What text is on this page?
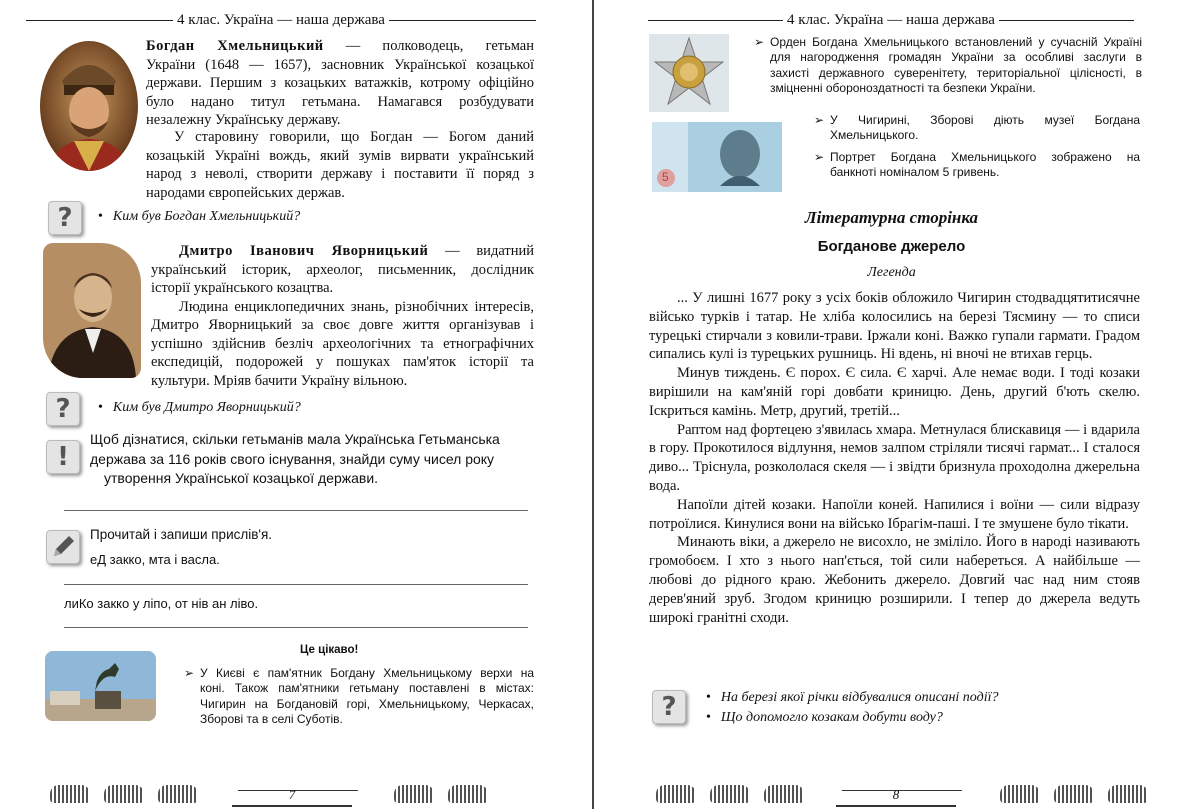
4 клас. Україна — наша держава
Богдан Хмельницький — полководець, гетьман
України (1648 — 1657), засновник Української козацької
держави. Першим з козацьких ватажків, котрому офіційно
було надано титул гетьмана. Намагався розбудувати
незалежну Українську державу.
У старовину говорили, що Богдан — Богом даний
козацькій Україні вождь, який зумів вирвати український
народ з неволі, створити державу і поставити її поряд з
народами європейських держав.
?	• Ким був Богдан Хмельницький?
Дмитро Іванович Яворницький — видатний
український історик, археолог, письменник, дослідник
історії українського козацтва.
Людина енциклопедичних знань, різнобічних інтересів,
Дмитро Яворницький за своє довге життя організував і
успішно здійснив безліч археологічних та етнографічних
експедицій, подорожей у пошуках пам'яток історії та
культури. Мріяв бачити Україну вільною.
?	• Ким був Дмитро Яворницький?
!
Щоб дізнатися, скільки гетьманів мала Українська Гетьманська
держава за 116 років свого існування, знайди суму чисел року
утворення Української козацької держави.
Прочитай і запиши прислів'я.
еД закко, мта і васла.
лиКо закко у ліпо, от нів ан ліво.
Це цікаво!
➢ У Києві є пам'ятник Богдану Хмельницькому верхи на
коні. Також пам'ятники гетьману поставлені в містах:
Чигирин на Богдановій горі, Хмельницькому, Черкасах,
Зборові та в селі Суботів.
7
4 клас. Україна — наша держава
➢ Орден Богдана Хмельницького встановлений у сучасній Україні
для нагородження громадян України за особливі заслуги в
захисті державного суверенітету, територіальної цілісності, в
зміцненні обороноздатності та безпеки України.
5
➢ У Чигирині, Зборові діють музеї Богдана
Хмельницького.
➢ Портрет Богдана Хмельницького зображено на
банкноті номіналом 5 гривень.
Літературна сторінка
Богданове джерело
Легенда

... У лишні 1677 року з усіх боків обложило Чигирин стодвадцятитисячне військо турків і татар. Не хліба колосились на березі Тясмину — то списи турецькі стирчали з ковили-трави. Іржали коні. Важко гупали гармати. Градом сипались кулі із турецьких рушниць. Ні вдень, ні вночі не втихав герць.

Минув тиждень. Є порох. Є сила. Є харчі. Але немає води. І тоді козаки вирішили на кам'яній горі довбати криницю. День, другий б'ють скелю. Іскриться камінь. Метр, другий, третій...

Раптом над фортецею з'явилась хмара. Метнулася блискавиця — і вдарила в гору. Прокотилося відлуння, немов залпом стріляли тисячі гармат... І сталося диво... Тріснула, розкололася скеля — і звідти бризнула проходолна джерельна вода.

Напоїли дітей козаки. Напоїли коней. Напилися і воїни — сили відразу потроїлися. Кинулися вони на військо Ібрагім-паші. І те змушене було тікати.

Минають віки, а джерело не висохло, не зміліло. Його в народі називають громобоєм. І хто з нього нап'ється, той сили набереться. А найбільше — любові до рідного краю. Жебонить джерело. Довгий час над ним стояв дерев'яний зруб. Згодом криницю розширили. І тепер до джерела ведуть широкі гранітні сходи.

?	• На березі якої річки відбувалися описані події?
• Що допомогло козакам добути воду?
8
